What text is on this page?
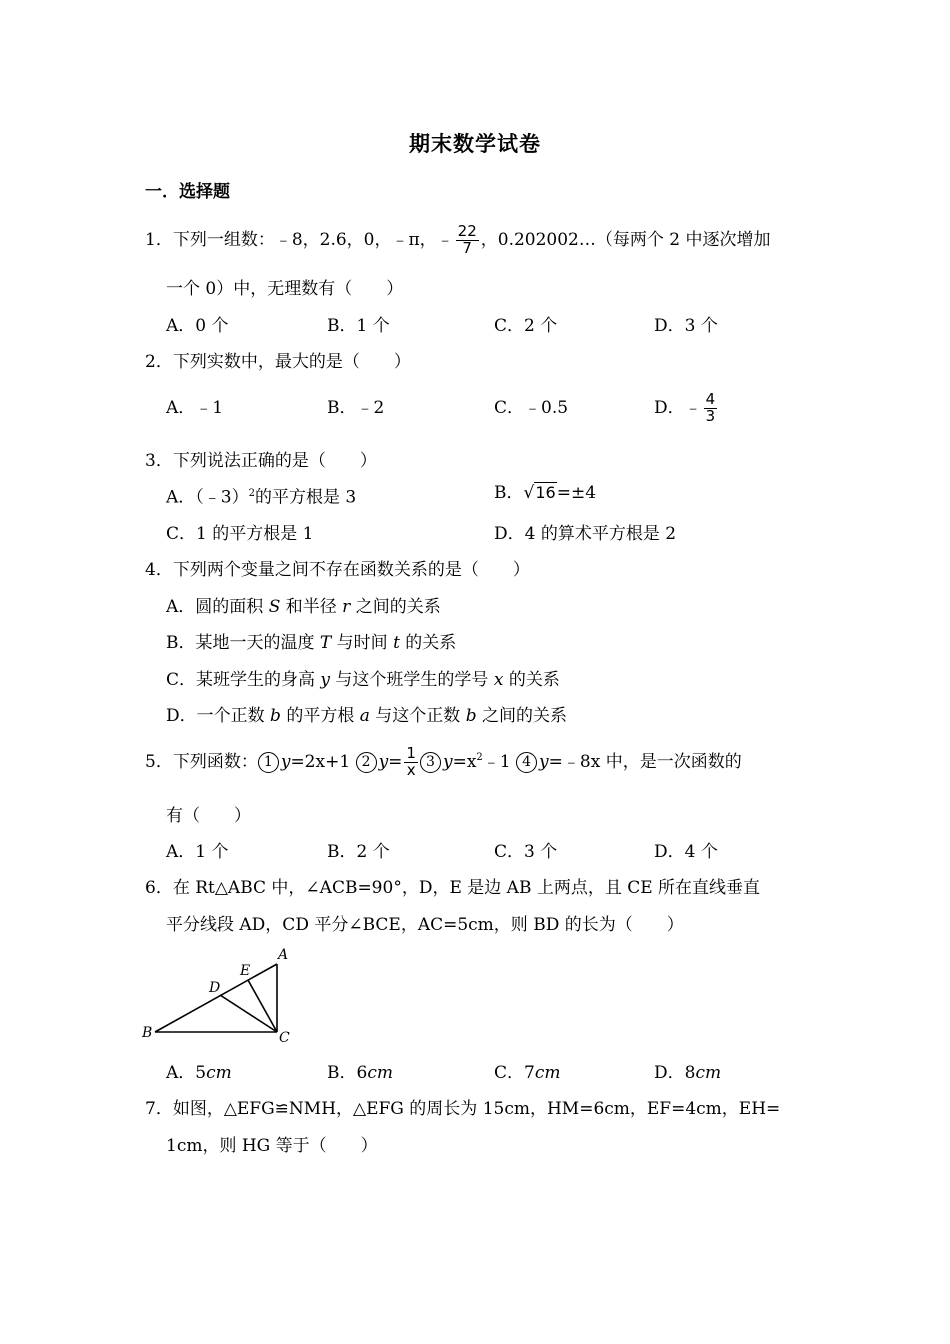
期末数学试卷
一．选择题
1．下列一组数：﹣8，2.6，0，﹣π，﹣ $\frac{22}{7}$ ，0.202002…（每两个 2 中逐次增加
一个 0）中，无理数有（　　）
A．0 个	B．1 个	C．2 个	D．3 个
2．下列实数中，最大的是（　　）
A．﹣1	B．﹣2	C．﹣0.5	D．﹣ $\frac{4}{3}$
3．下列说法正确的是（　　）
A．（﹣3）$^2$的平方根是 3	B．√16=±4
C．1 的平方根是 1	D．4 的算术平方根是 2
4．下列两个变量之间不存在函数关系的是（　　）
A．圆的面积 S 和半径 r 之间的关系
B．某地一天的温度 T 与时间 t 的关系
C．某班学生的身高 y 与这个班学生的学号 x 的关系
D．一个正数 b 的平方根 a 与这个正数 b 之间的关系
5．下列函数： 1 y=2x+1 2 $y= \frac{1}{x} 3$ $y=x^2﹣1$ 4 y=﹣8x 中，是一次函数的
有（　　）
A．1 个	B．2 个	C．3 个	D．4 个
6．在 Rt△ABC 中，∠ACB=90°，D，E 是边 AB 上两点，且 CE 所在直线垂直
平分线段 AD，CD 平分∠BCE，AC=5cm，则 BD 的长为（　　）
A
B	C
D
E
A．5cm	B．6cm	C．7cm	D．8cm
7．如图，△EFG≌NMH，△EFG 的周长为 15cm，HM=6cm，EF=4cm，EH=
1cm，则 HG 等于（　　）
